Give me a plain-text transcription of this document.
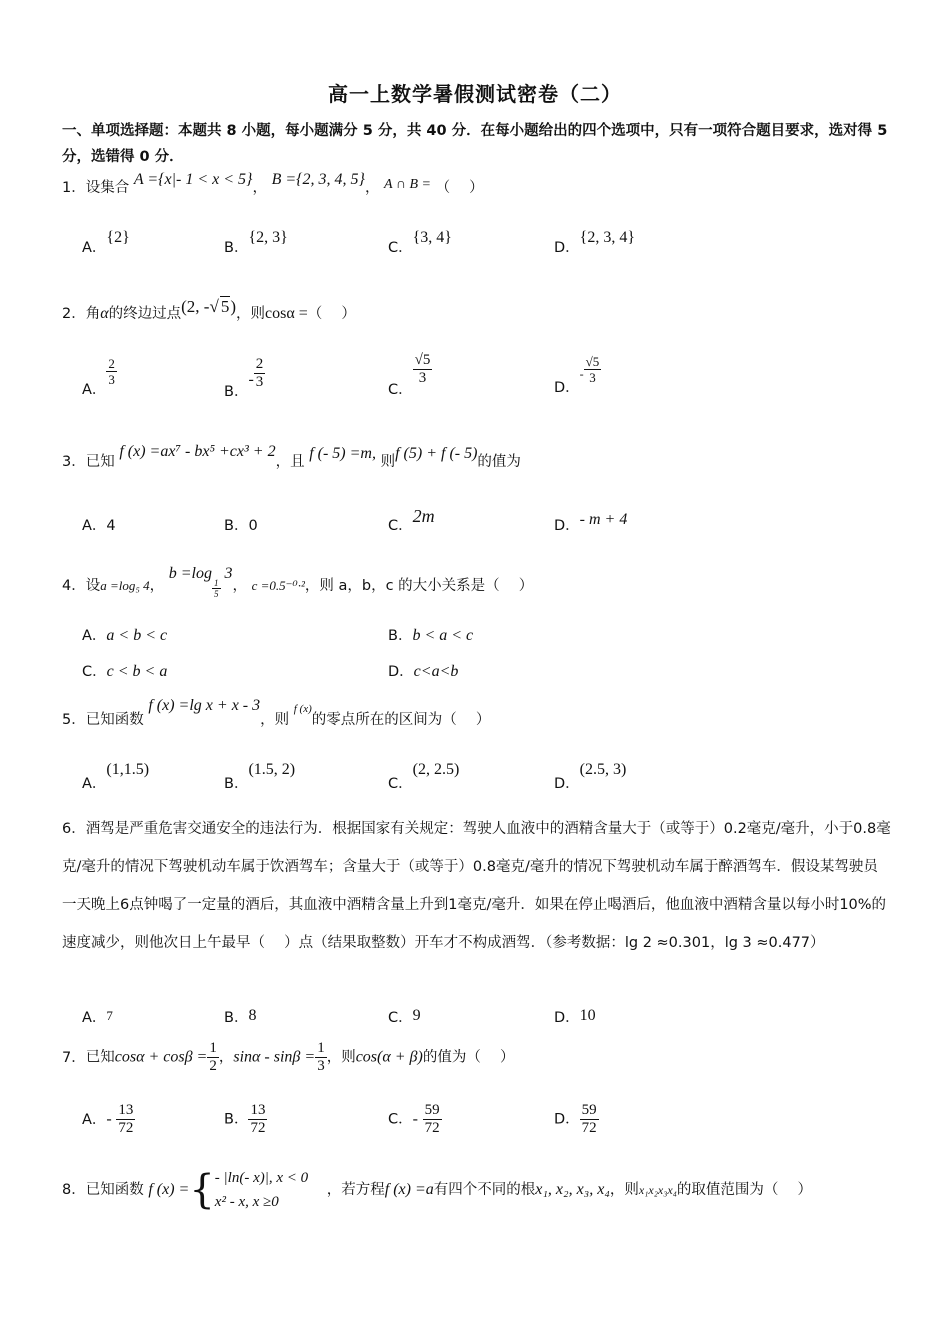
高一上数学暑假测试密卷（二）
一、单项选择题：本题共 8 小题，每小题满分 5 分，共 40 分．在每小题给出的四个选项中，只有一项符合题目要求，选对得 5 分，选错得 0 分．
1．设集合 A ={x|- 1 < x < 5}， B ={2, 3, 4, 5}， A ∩ B = （　 ）
A．{2}
B．{2, 3}
C．{3, 4}
D．{2, 3, 4}
2．角α的终边过点(2, -√ 5)，则cosα =（　 ）
A．
$\frac{2}{3}$
B．- $\frac{2}{3}$	C．
$\frac{√5}{3}$
D．$_- \frac{√5}{3}$
3．已知 f (x) =ax⁷ - bx⁵ +cx³ + 2，且 f (- 5) =m, 则f (5) + f (- 5)的值为
A．4	B．0	C．2m	D．- m + 4
4．设a =log₅ 4， b =log
$\frac{1}{5}$
3， c =0.5⁻⁰·²，则 a，b，c 的大小关系是（　 ）
A．a < b < c	B．b < a < c
C．c < b < a	D．c<a<b
5．已知函数 f (x) =lg x + x - 3，则 $^{f (x)}$的零点所在的区间为（　 ）
A．(1,1.5)
B．(1.5, 2)
C．(2, 2.5)
D．(2.5, 3)
6．酒驾是严重危害交通安全的违法行为．根据国家有关规定：驾驶人血液中的酒精含量大于（或等于）0.2毫克/毫升，小于0.8毫克/毫升的情况下驾驶机动车属于饮酒驾车；含量大于（或等于）0.8毫克/毫升的情况下驾驶机动车属于醉酒驾车．假设某驾驶员一天晚上6点钟喝了一定量的酒后，其血液中酒精含量上升到1毫克/毫升．如果在停止喝酒后，他血液中酒精含量以每小时10%的速度减少，则他次日上午最早（　 ）点（结果取整数）开车才不构成酒驾．（参考数据：lg 2 ≈0.301，lg 3 ≈0.477）
A．7	B．8	C．9	D．10
7．已知$\cos\alpha + \cos\beta = \frac{1}{2}$ ，$\sin\alpha - \sin\beta = \frac{1}{3}$ ，则cos(α + β)的值为（　 ）
A．- $\frac{13}{72}$	B． $\frac{13}{72}$	C．- $\frac{59}{72}$	D． $\frac{59}{72}$
8．已知函数 f (x) ={ - |ln(- x)|, x < 0
x² - x, x ≥0
，若方程f (x) =a有四个不同的根x₁, x₂, x₃, x₄，则x₁x₂x₃x₄的取值范围为（　 ）
